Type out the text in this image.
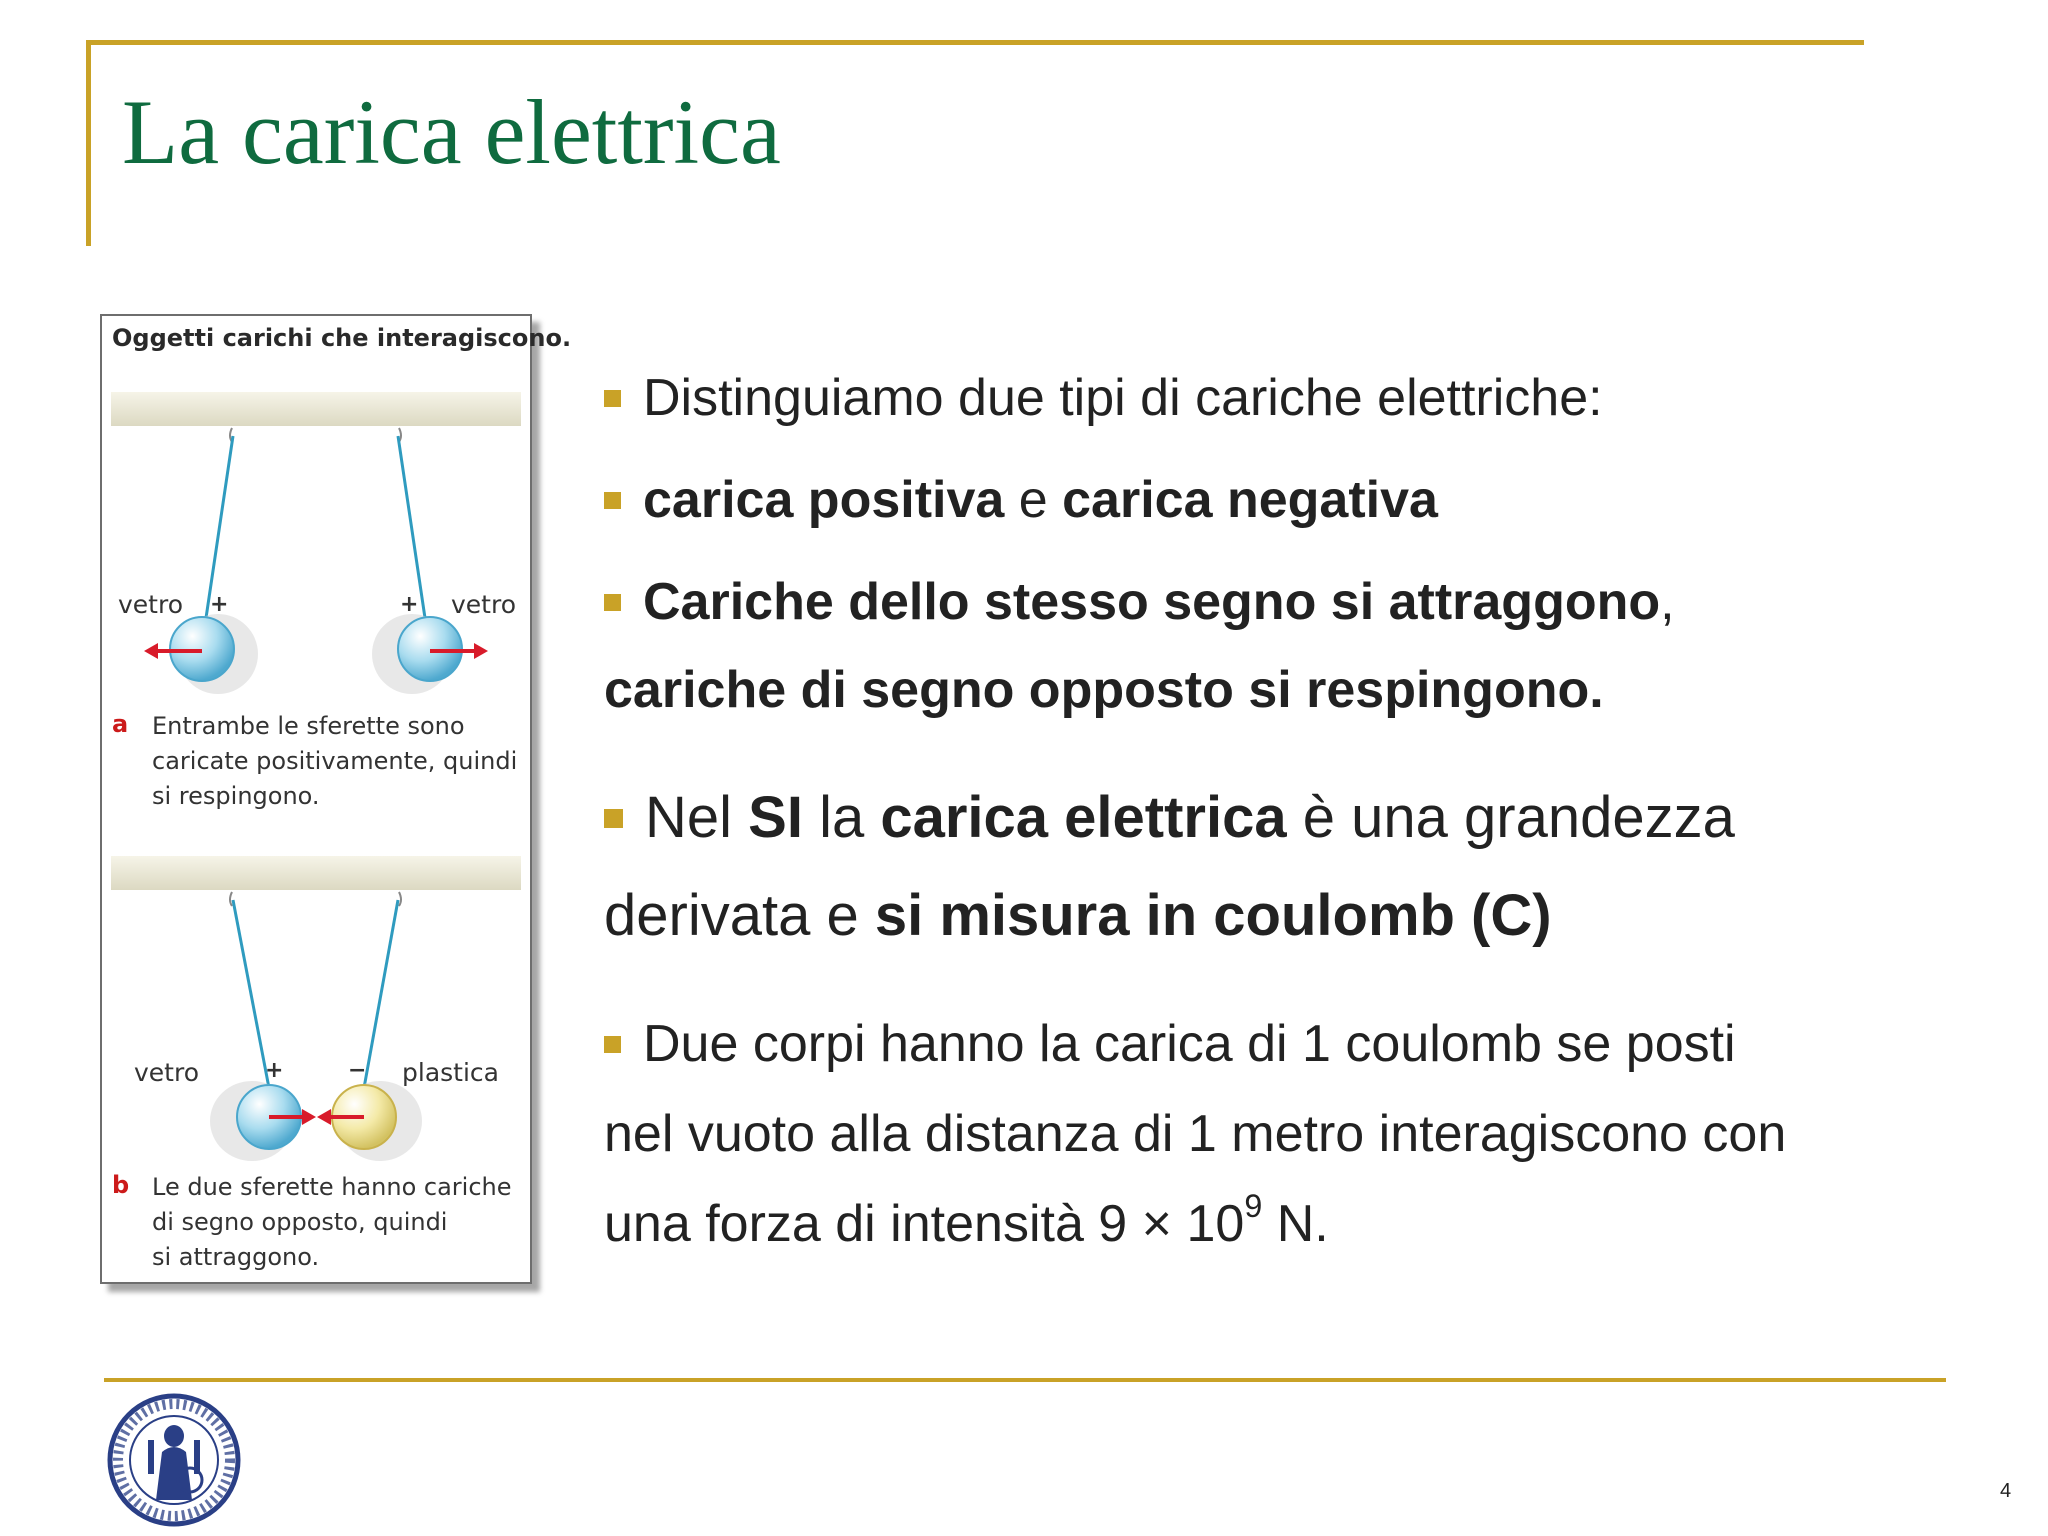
La carica elettrica
Oggetti carichi che interagiscono.
vetro +	+ vetro
a Entrambe le sferette sono
caricate positivamente, quindi
si respingono.
vetro	+	− plastica
b Le due sferette hanno cariche
di segno opposto, quindi
si attraggono.
Distinguiamo due tipi di cariche elettriche:
carica positiva e carica negativa
Cariche dello stesso segno si attraggono,
cariche di segno opposto si respingono.
Nel SI la carica elettrica è una grandezza
derivata e si misura in coulomb (C)
Due corpi hanno la carica di 1 coulomb se posti
nel vuoto alla distanza di 1 metro interagiscono con
una forza di intensità $9 \times 10^9$ N.
4
